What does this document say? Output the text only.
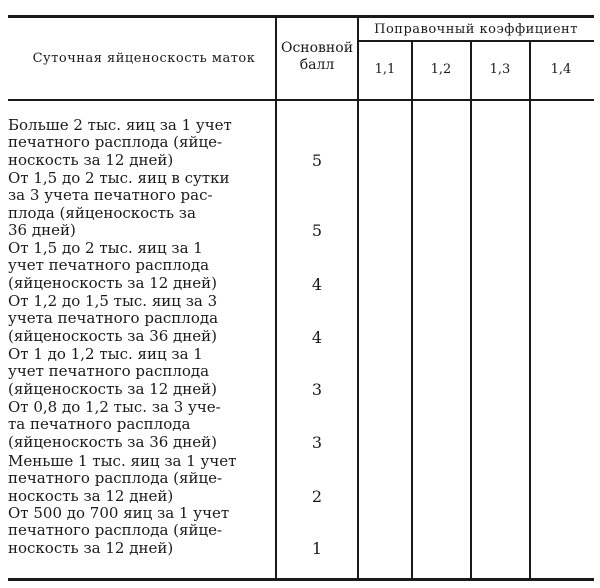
Суточная яйценоскость маток
Основной
балл
Поправочный коэффициент
1,1	1,2	1,3	1,4
Больше 2 тыс. яиц за 1 учет
печатного расплода (яйце-
носкость за 12 дней)	5
От 1,5 до 2 тыс. яиц в сутки
за 3 учета печатного рас-
плода (яйценоскость за
36 дней)	5
От 1,5 до 2 тыс. яиц за 1
учет печатного расплода
(яйценоскость за 12 дней)	4
От 1,2 до 1,5 тыс. яиц за 3
учета печатного расплода
(яйценоскость за 36 дней)	4
От 1 до 1,2 тыс. яиц за 1
учет печатного расплода
(яйценоскость за 12 дней)	3
От 0,8 до 1,2 тыс. за 3 уче-
та печатного расплода
(яйценоскость за 36 дней)	3
Меньше 1 тыс. яиц за 1 учет
печатного расплода (яйце-
носкость за 12 дней)	2
От 500 до 700 яиц за 1 учет
печатного расплода (яйце-
носкость за 12 дней)	1
